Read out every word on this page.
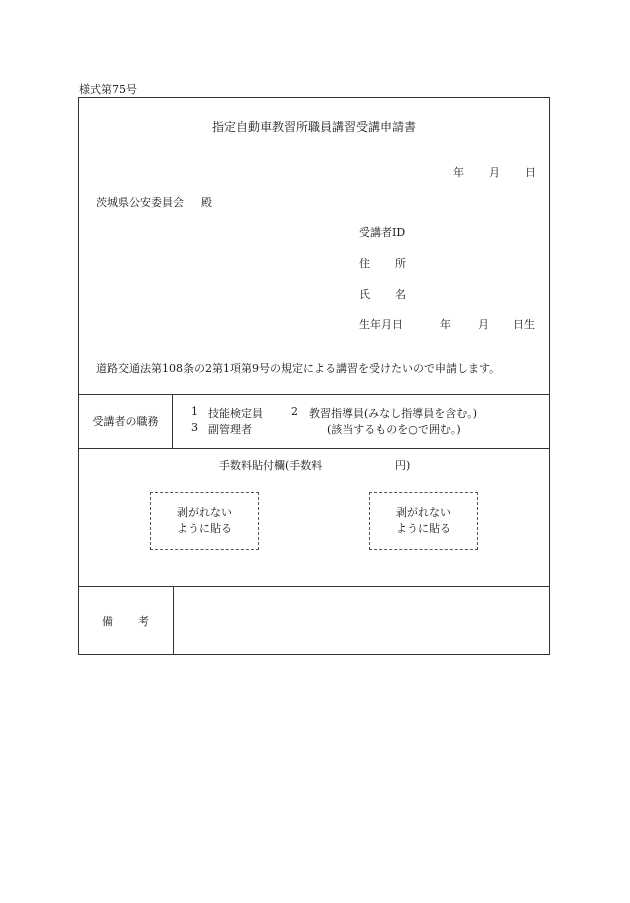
様式第75号
指定自動車教習所職員講習受講申請書
年 月 日
茨城県公安委員会 殿
受講者ID
住 所
氏 名
生年月日	年 月 日生
道路交通法第108条の2第1項第9号の規定による講習を受けたいので申請します。
受講者の職務
1 技能検定員	2 教習指導員(みなし指導員を含む。)
3 副管理者	(該当するものを○で囲む。)
手数料貼付欄(手数料	円)
剥がれない
ように貼る
剥がれない
ように貼る
備 考
